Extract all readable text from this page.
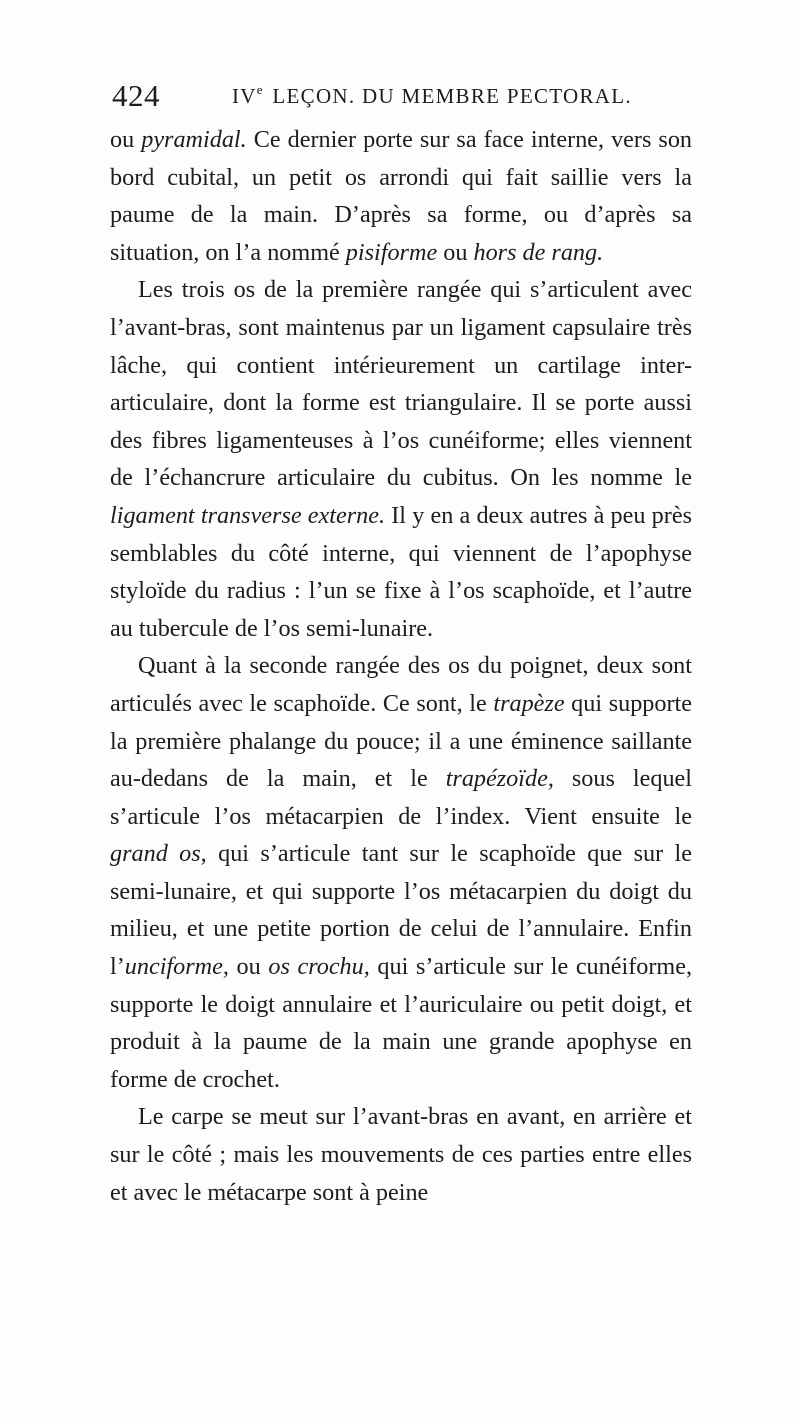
424	IVe LEÇON. DU MEMBRE PECTORAL.

ou pyramidal. Ce dernier porte sur sa face interne, vers son bord cubital, un petit os arrondi qui fait saillie vers la paume de la main. D’après sa forme, ou d’après sa situation, on l’a nommé pisiforme ou hors de rang.

Les trois os de la première rangée qui s’articulent avec l’avant-bras, sont maintenus par un ligament capsulaire très lâche, qui contient intérieurement un cartilage inter-articulaire, dont la forme est triangulaire. Il se porte aussi des fibres ligamenteuses à l’os cunéiforme; elles viennent de l’échancrure articulaire du cubitus. On les nomme le ligament transverse externe. Il y en a deux autres à peu près semblables du côté interne, qui viennent de l’apophyse styloïde du radius : l’un se fixe à l’os scaphoïde, et l’autre au tubercule de l’os semi-lunaire.

Quant à la seconde rangée des os du poignet, deux sont articulés avec le scaphoïde. Ce sont, le trapèze qui supporte la première phalange du pouce; il a une éminence saillante au-dedans de la main, et le trapézoïde, sous lequel s’articule l’os métacarpien de l’index. Vient ensuite le grand os, qui s’articule tant sur le scaphoïde que sur le semi-lunaire, et qui supporte l’os métacarpien du doigt du milieu, et une petite portion de celui de l’annulaire. Enfin l’unciforme, ou os crochu, qui s’articule sur le cunéiforme, supporte le doigt annulaire et l’auriculaire ou petit doigt, et produit à la paume de la main une grande apophyse en forme de crochet.

Le carpe se meut sur l’avant-bras en avant, en arrière et sur le côté ; mais les mouvements de ces parties entre elles et avec le métacarpe sont à peine
